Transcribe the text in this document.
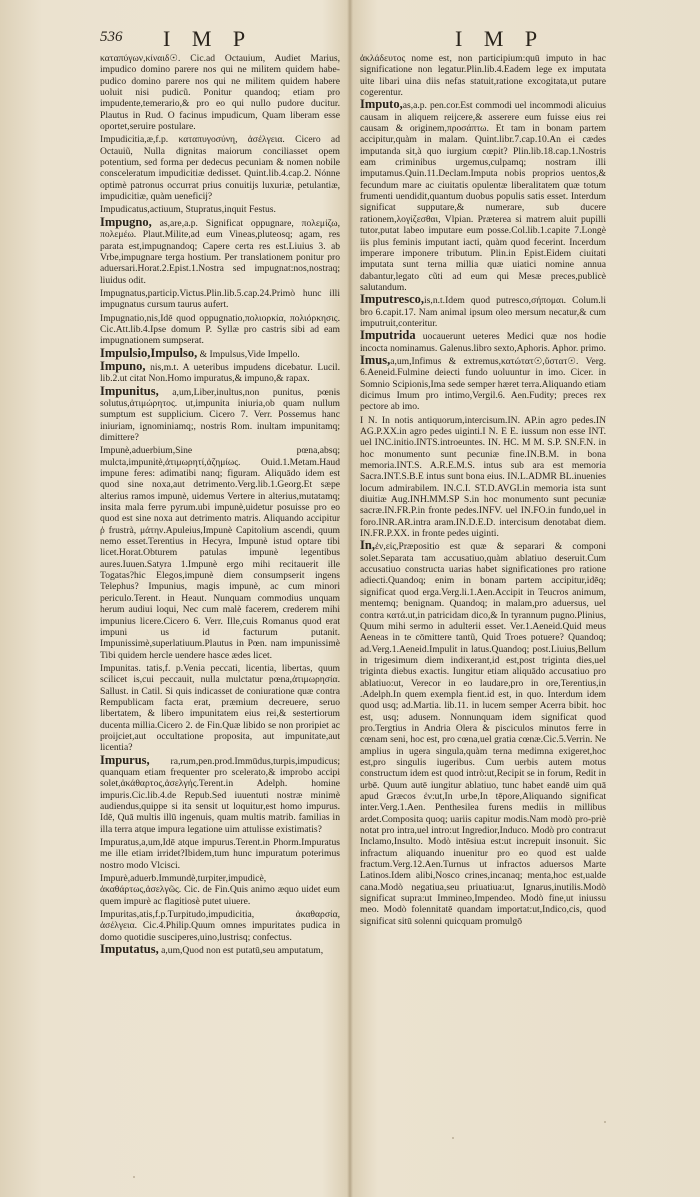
536 I M P	I M P

καταπύγων,κίναιδ☉. Cic.ad Octauium, Audiet Marius, impudico domino parere nos qui ne militem quidem habe-pudico domino parere nos qui ne militem quidem habere uoluit nisi pudicũ. Ponitur quandoq; etiam pro impudente,temerario,& pro eo qui nullo pudore ducitur. Plautus in Rud. O facinus impudicum, Quam liberam esse oportet,seruire postulare.

Impudicitia,æ,f.p. καταπυγοσύνη, ἀσέλγεια. Cicero ad Octauiũ, Nulla dignitas maiorum conciliasset opem potentium, sed forma per dedecus pecuniam & nomen nobile consceleratum impudicitiæ dedisset. Quint.lib.4.cap.2. Nónne optimè patronus occurrat prius conuitijs luxuriæ, petulantiæ, impudicitiæ, quàm ueneficij?

Impudicatus,actiuum, Stupratus,inquit Festus.

Impugno, as,are,a.p. Significat oppugnare, πολεμίζω, πολεμέω. Plaut.Milite,ad eum Vineas,pluteosq; agam, res parata est,impugnandoq; Capere certa res est.Liuius 3. ab Vrbe,impugnare terga hostium. Per translationem ponitur pro aduersari.Horat.2.Epist.1.Nostra sed impugnat:nos,nostraq; liuidus odit.

Impugnatus,particip.Victus.Plin.lib.5.cap.24.Primò hunc illi impugnatus cursum taurus aufert.

Impugnatio,nis,Idē quod oppugnatio,πολιορκία, πολιόρκησις. Cic.Att.lib.4.Ipse domum P. Syllæ pro castris sibi ad eam impugnationem sumpserat.

Impulsio,Impulso, & Impulsus,Vide Impello.

Impuno, nis,m.t. A ueteribus impudens dicebatur. Lucil. lib.2.ut citat Non.Homo impuratus,& impuno,& rapax.

Impunitus, a,um,Liber,inultus,non punitus, pœnis solutus,ἀτιμώρητος. ut,impunita iniuria,ob quam nullum sumptum est supplicium. Cicero 7. Verr. Possemus hanc iniuriam, ignominiamq;, nostris Rom. inultam impunitamq; dimittere?

Impunè,aduerbium,Sine pœna,absq; mulcta,impunitè,ἀτιμωρητί,ἀζημίως. Ouid.1.Metam.Haud impune feres: adimatibi nanq; figuram. Aliquādo idem est quod sine noxa,aut detrimento.Verg.lib.1.Georg.Et sæpe alterius ramos impunè, uidemus Vertere in alterius,mutatamq; insita mala ferre pyrum.ubi impunè,uidetur posuisse pro eo quod est sine noxa aut detrimento matris. Aliquando accipitur ῥ frustrà, μάτην.Apuleius,Impunè Capitolium ascendi, quum nemo esset.Terentius in Hecyra, Impunè istud optare tibi licet.Horat.Obturem patulas impunè legentibus aures.Iuuen.Satyra 1.Impunè ergo mihi recitauerit ille Togatas?hic Elegos,impunè diem consumpserit ingens Telephus? Impunius, magis impunè, ac cum minori periculo.Terent. in Heaut. Nunquam commodius unquam herum audiui loqui, Nec cum malè facerem, crederem mihi impunius licere.Cicero 6. Verr. Ille,cuis Romanus quod erat impuni us id facturum putanit. Impunissimè,superlatiuum.Plautus in Pœn. nam impunissimè Tibi quidem hercle uendere hasce ædes licet.

Impunitas. tatis,f. p.Venia peccati, licentia, libertas, quum scilicet is,cui peccauit, nulla mulctatur pœna,ἀτιμωρησία. Sallust. in Catil. Si quis indicasset de coniuratione quæ contra Rempublicam facta erat, præmium decreuere, seruo libertatem, & libero impunitatem eius rei,& sestertiorum ducenta millia.Cicero 2. de Fin.Quæ libido se non proripiet ac proijciet,aut occultatione proposita, aut impunitate,aut licentia?

Impurus, ra,rum,pen.prod.Immūdus,turpis,impudicus; quanquam etiam frequenter pro scelerato,& improbo accipi solet,ἀκάθαρτος,ἀσελγής.Terent.in Adelph. homine impuris.Cic.lib.4.de Repub.Sed iuuentuti nostræ minimè audiendus,quippe si ita sensit ut loquitur,est homo impurus. Idē, Quā multis illū ingenuis, quam multis matrib. familias in illa terra atque impura legatione uim attulisse existimatis?

Impuratus,a,um,Idē atque impurus.Terent.in Phorm.Impuratus me ille etiam irridet?Ibidem,tum hunc impuratum poterimus nostro modo Vlcisci.

Impurè,aduerb.Immundè,turpiter,impudicè, ἀκαθάρτως,ἀσελγῶς. Cic. de Fin.Quis animo æquo uidet eum quem impurè ac flagitiosè putet uiuere.

Impuritas,atis,f.p.Turpitudo,impudicitia, ἀκαθαρσία, ἀσέλγεια. Cic.4.Philip.Quum omnes impuritates pudica in domo quotidie susciperes,uino,lustrisq; confectus.

Imputatus, a,um,Quod non est putatū,seu amputatum,

ἀκλάδευτος nome est, non participium:quū imputo in hac significatione non legatur.Plin.lib.4.Eadem lege ex imputata uite libari uina diis nefas statuit,ratione excogitata,ut putare cogerentur.

Imputo,as,a.p. pen.cor.Est commodi uel incommodi alicuius causam in aliquem reijcere,& asserere eum fuisse eius rei causam & originem,προσάπτω. Et tam in bonam partem accipitur,quàm in malam. Quint.libr.7.cap.10.An ei cædes imputanda sit,à quo iurgium cœpit? Plin.lib.18.cap.1.Nostris eam criminibus urgemus,culpamq; nostram illi imputamus.Quin.11.Declam.Imputa nobis proprios uentos,& fecundum mare ac ciuitatis opulentæ liberalitatem quæ totum frumenti uendidit,quantum duobus populis satis esset. Interdum significat supputare,& numerare, sub ducere rationem,λογίζεσθαι, Vlpian. Præterea si matrem aluit pupilli tutor,putat labeo imputare eum posse.Col.lib.1.capite 7.Longè iis plus feminis imputant iacti, quàm quod fecerint. Incerdum imperare imponere tributum. Plin.in Epist.Eidem ciuitati imputata sunt terna millia quæ uiatici nomine annua dabantur,legato cũti ad eum qui Mesæ preces,publicè salutandum.

Imputresco,is,n.t.Idem quod putresco,σήπομαι. Colum.li bro 6.capit.17. Nam animal ipsum oleo mersum necatur,& cum imputruit,conteritur.

Imputrida uocauerunt ueteres Medici quæ nos hodie incocta nominamus. Galenus.libro sexto,Aphoris. Aphor. primo.

Imus,a,um,Infimus & extremus,κατώτατ☉,ὕστατ☉. Verg. 6.Aeneid.Fulmine deiecti fundo uoluuntur in imo. Cicer. in Somnio Scipionis,Ima sede semper hæret terra.Aliquando etiam dicimus Imum pro intimo,Vergil.6. Aen.Fudity; preces rex pectore ab imo.

I N. In notis antiquorum,intercisum.IN. AP.in agro pedes.IN AG.P.XX.in agro pedes uiginti.I N. E E. iussum non esse INT. uel INC.initio.INTS.introeuntes. IN. HC. M M. S.P. SN.F.N. in hoc monumento sunt pecuniæ fine.IN.B.M. in bona memoria.INT.S. A.R.E.M.S. intus sub ara est memoria Sacra.INT.S.B.E intus sunt bona eius. IN.L.ADMR BL.inuenies locum admirabilem. IN.C.I. ST.D.AVGI.in memoria ista sunt diuitiæ Aug.INH.MM.SP S.in hoc monumento sunt pecuniæ sacræ.IN.FR.P.in fronte pedes.INFV. uel IN.FO.in fundo,uel in foro.INR.AR.intra aram.IN.D.E.D. intercisum denotabat diem. IN.FR.P.XX. in fronte pedes uiginti.

In,ἐν,εἰς,Præpositio est quæ & separari & componi solet.Separata tam accusatiuo,quàm ablatiuo deseruit.Cum accusatiuo constructa uarias habet significationes pro ratione adiecti.Quandoq; enim in bonam partem accipitur,idēq; significat quod erga.Verg.li.1.Aen.Accipit in Teucros animum, mentemq; benignam. Quandoq; in malam,pro aduersus, uel contra κατά.ut,in patricidam dico,& In tyrannum pugno.Plinius, Quum mihi sermo in adulterii esset. Ver.1.Aeneid.Quid meus Aeneas in te cōmittere tantũ, Quid Troes potuere? Quandoq; ad.Verg.1.Aeneid.Impulit in latus.Quandoq; post.Liuius,Bellum in trigesimum diem indixerant,id est,post triginta dies,uel triginta diebus exactis. Iungitur etiam aliquādo accusatiuo pro ablatiuo:ut, Verecor in eo laudare,pro in ore,Terentius,in .Adelph.In quem exempla fient.id est, in quo. Interdum idem quod usq; ad.Martia. lib.11. in lucem semper Acerra bibit. hoc est, usq; adusem. Nonnunquam idem significat quod pro.Tergtius in Andria Olera & pisciculos minutos ferre in cœnam seni, hoc est, pro cœna,uel gratia cœnæ.Cic.5.Verrin. Ne amplius in ugera singula,quàm terna medimna exigeret,hoc est,pro singulis iugeribus. Cum uerbis autem motus constructum idem est quod intrò:ut,Recipit se in forum, Redit in urbē. Quum autē iungitur ablatiuo, tunc habet eandē uim quā apud Græcos ἐν:ut,In urbe,In tēpore,Aliquando significat inter.Verg.1.Aen. Penthesilea furens mediis in millibus ardet.Composita quoq; uariis capitur modis.Nam modò pro-priè notat pro intra,uel intro:ut Ingredior,Induco. Modò pro contra:ut Inclamo,Insulto. Modò intēsiua est:ut increpuit insonuit. Sic infractum aliquando inuenitur pro eo quod est ualde fractum.Verg.12.Aen.Turnus ut infractos aduersos Marte Latinos.Idem alibi,Nosco crines,incanaq; menta,hoc est,ualde cana.Modò negatiua,seu priuatiua:ut, Ignarus,inutilis.Modò significat supra:ut Immineo,Impendeo. Modò fine,ut iniussu meo. Modò folennitatē quandam importat:ut,Indico,cis, quod significat sitū solenni quicquam promulgō
